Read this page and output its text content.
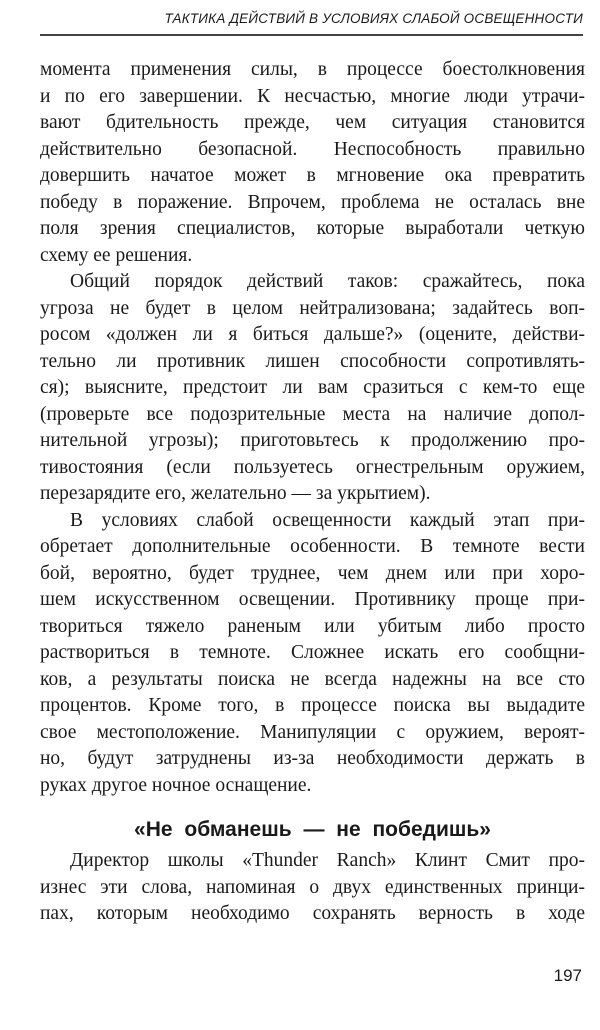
ТАКТИКА ДЕЙСТВИЙ В УСЛОВИЯХ СЛАБОЙ ОСВЕЩЕННОСТИ
момента применения силы, в процессе боестолкновения
и по его завершении. К несчастью, многие люди утрачи-
вают бдительность прежде, чем ситуация становится
действительно безопасной. Неспособность правильно
довершить начатое может в мгновение ока превратить
победу в поражение. Впрочем, проблема не осталась вне
поля зрения специалистов, которые выработали четкую
схему ее решения.
Общий порядок действий таков: сражайтесь, пока
угроза не будет в целом нейтрализована; задайтесь воп-
росом «должен ли я биться дальше?» (оцените, действи-
тельно ли противник лишен способности сопротивлять-
ся); выясните, предстоит ли вам сразиться с кем-то еще
(проверьте все подозрительные места на наличие допол-
нительной угрозы); приготовьтесь к продолжению про-
тивостояния (если пользуетесь огнестрельным оружием,
перезарядите его, желательно — за укрытием).
В условиях слабой освещенности каждый этап при-
обретает дополнительные особенности. В темноте вести
бой, вероятно, будет труднее, чем днем или при хоро-
шем искусственном освещении. Противнику проще при-
твориться тяжело раненым или убитым либо просто
раствориться в темноте. Сложнее искать его сообщни-
ков, а результаты поиска не всегда надежны на все сто
процентов. Кроме того, в процессе поиска вы выдадите
свое местоположение. Манипуляции с оружием, вероят-
но, будут затруднены из-за необходимости держать в
руках другое ночное оснащение.
«Не обманешь — не победишь»
Директор школы «Thunder Ranch» Клинт Смит про-
изнес эти слова, напоминая о двух единственных принци-
пах, которым необходимо сохранять верность в ходе
197
